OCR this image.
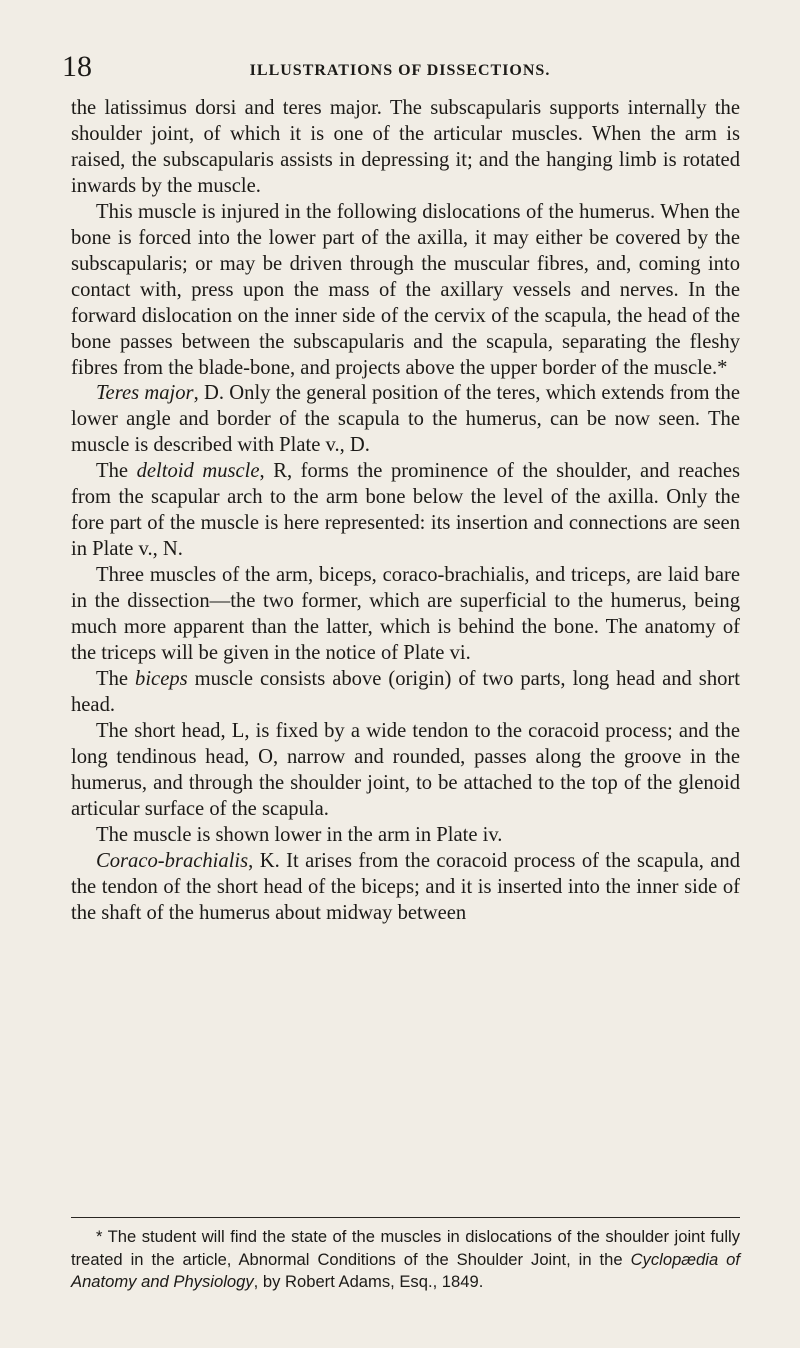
18	ILLUSTRATIONS OF DISSECTIONS.

the latissimus dorsi and teres major. The subscapularis supports internally the shoulder joint, of which it is one of the articular muscles. When the arm is raised, the subscapularis assists in depressing it; and the hanging limb is rotated inwards by the muscle.

This muscle is injured in the following dislocations of the humerus. When the bone is forced into the lower part of the axilla, it may either be covered by the subscapularis; or may be driven through the muscular fibres, and, coming into contact with, press upon the mass of the axillary vessels and nerves. In the forward dislocation on the inner side of the cervix of the scapula, the head of the bone passes between the subscapularis and the scapula, separating the fleshy fibres from the blade-bone, and projects above the upper border of the muscle.*

Teres major, D. Only the general position of the teres, which extends from the lower angle and border of the scapula to the humerus, can be now seen. The muscle is described with Plate v., D.

The deltoid muscle, R, forms the prominence of the shoulder, and reaches from the scapular arch to the arm bone below the level of the axilla. Only the fore part of the muscle is here represented: its insertion and connections are seen in Plate v., N.

Three muscles of the arm, biceps, coraco-brachialis, and triceps, are laid bare in the dissection—the two former, which are superficial to the humerus, being much more apparent than the latter, which is behind the bone. The anatomy of the triceps will be given in the notice of Plate vi.

The biceps muscle consists above (origin) of two parts, long head and short head.

The short head, L, is fixed by a wide tendon to the coracoid process; and the long tendinous head, O, narrow and rounded, passes along the groove in the humerus, and through the shoulder joint, to be attached to the top of the glenoid articular surface of the scapula.

The muscle is shown lower in the arm in Plate iv.

Coraco-brachialis, K. It arises from the coracoid process of the scapula, and the tendon of the short head of the biceps; and it is inserted into the inner side of the shaft of the humerus about midway between

* The student will find the state of the muscles in dislocations of the shoulder joint fully treated in the article, Abnormal Conditions of the Shoulder Joint, in the Cyclopædia of Anatomy and Physiology, by Robert Adams, Esq., 1849.
